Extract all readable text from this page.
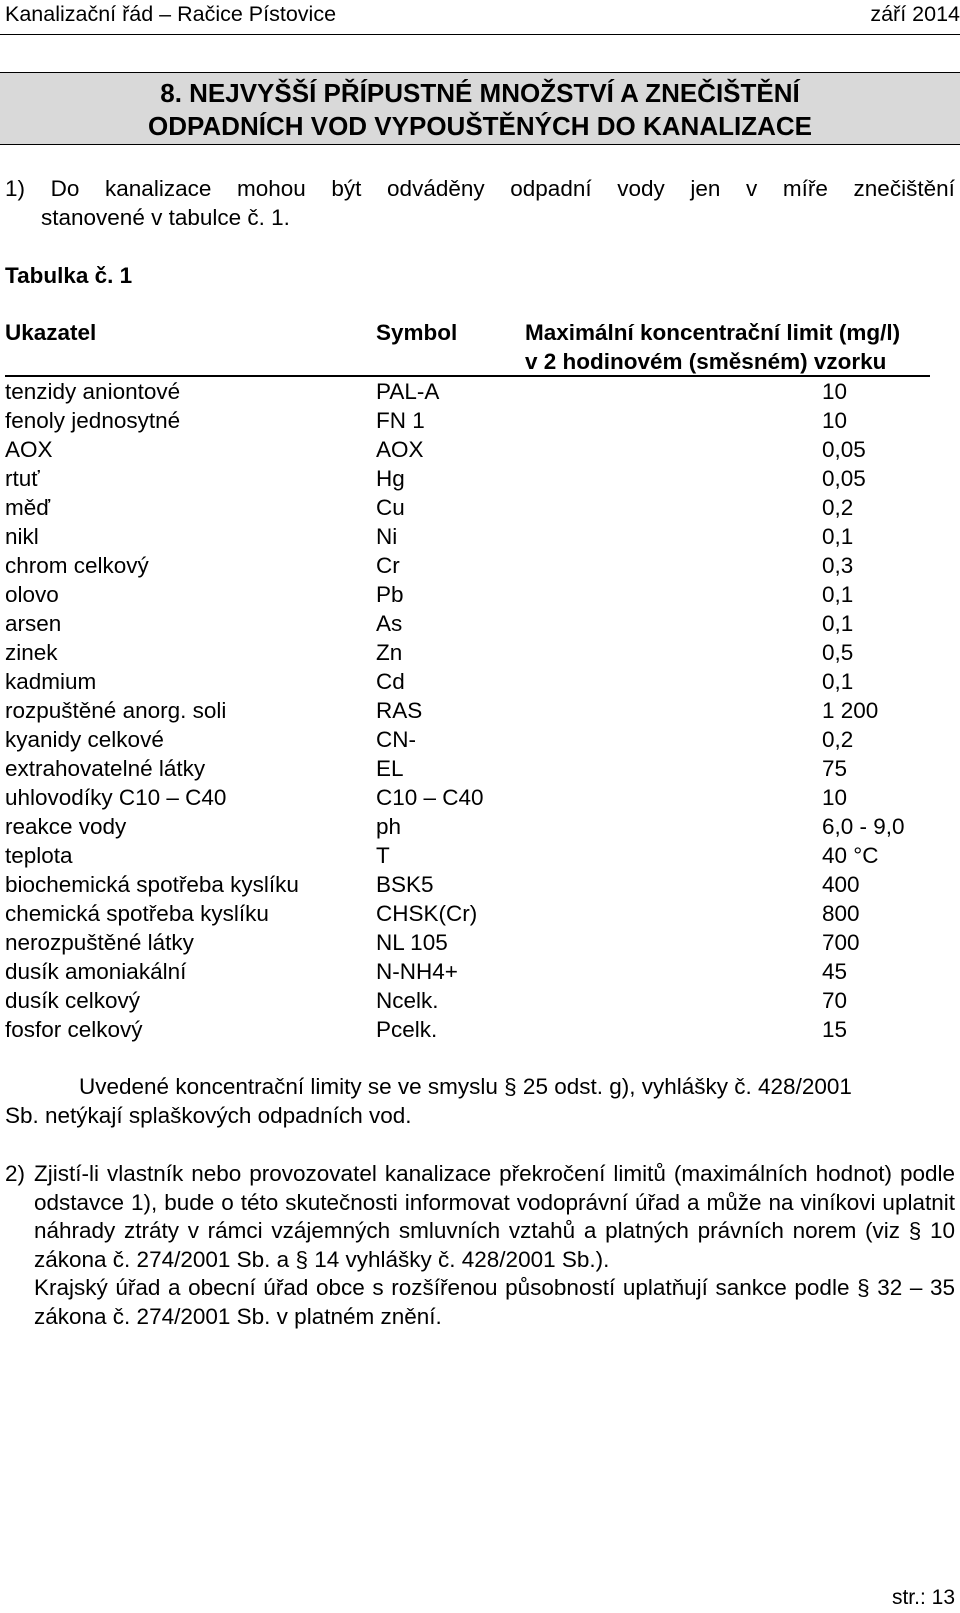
Kanalizační řád – Račice Pístovice	září 2014
8. NEJVYŠŠÍ PŘÍPUSTNÉ MNOŽSTVÍ A ZNEČIŠTĚNÍ
ODPADNÍCH VOD VYPOUŠTĚNÝCH DO KANALIZACE
1) Do kanalizace mohou být odváděny odpadní vody jen v míře znečištění
stanovené v tabulce č. 1.
Tabulka č. 1
Ukazatel	Symbol	Maximální koncentrační limit (mg/l)
v 2 hodinovém (směsném) vzorku
tenzidy aniontové	PAL-A	10
fenoly jednosytné	FN 1	10
AOX	AOX	0,05
rtuť	Hg	0,05
měď	Cu	0,2
nikl	Ni	0,1
chrom celkový	Cr	0,3
olovo	Pb	0,1
arsen	As	0,1
zinek	Zn	0,5
kadmium	Cd	0,1
rozpuštěné anorg. soli	RAS	1 200
kyanidy celkové	CN-	0,2
extrahovatelné látky	EL	75
uhlovodíky C10 – C40	C10 – C40	10
reakce vody	ph	6,0 - 9,0
teplota	T	40 °C
biochemická spotřeba kyslíku	BSK5	400
chemická spotřeba kyslíku	CHSK(Cr)	800
nerozpuštěné látky	NL 105	700
dusík amoniakální	N-NH4+	45
dusík celkový	Ncelk.	70
fosfor celkový	Pcelk.	15
Uvedené koncentrační limity se ve smyslu § 25 odst. g), vyhlášky č. 428/2001
Sb. netýkají splaškových odpadních vod.
2) Zjistí-li vlastník nebo provozovatel kanalizace překročení limitů (maximálních hodnot) podle odstavce 1), bude o této skutečnosti informovat vodoprávní úřad a může na viníkovi uplatnit náhrady ztráty v rámci vzájemných smluvních vztahů a platných právních norem (viz § 10 zákona č. 274/2001 Sb. a § 14 vyhlášky č. 428/2001 Sb.).
Krajský úřad a obecní úřad obce s rozšířenou působností uplatňují sankce podle § 32 – 35 zákona č. 274/2001 Sb. v platném znění.
str.: 13
